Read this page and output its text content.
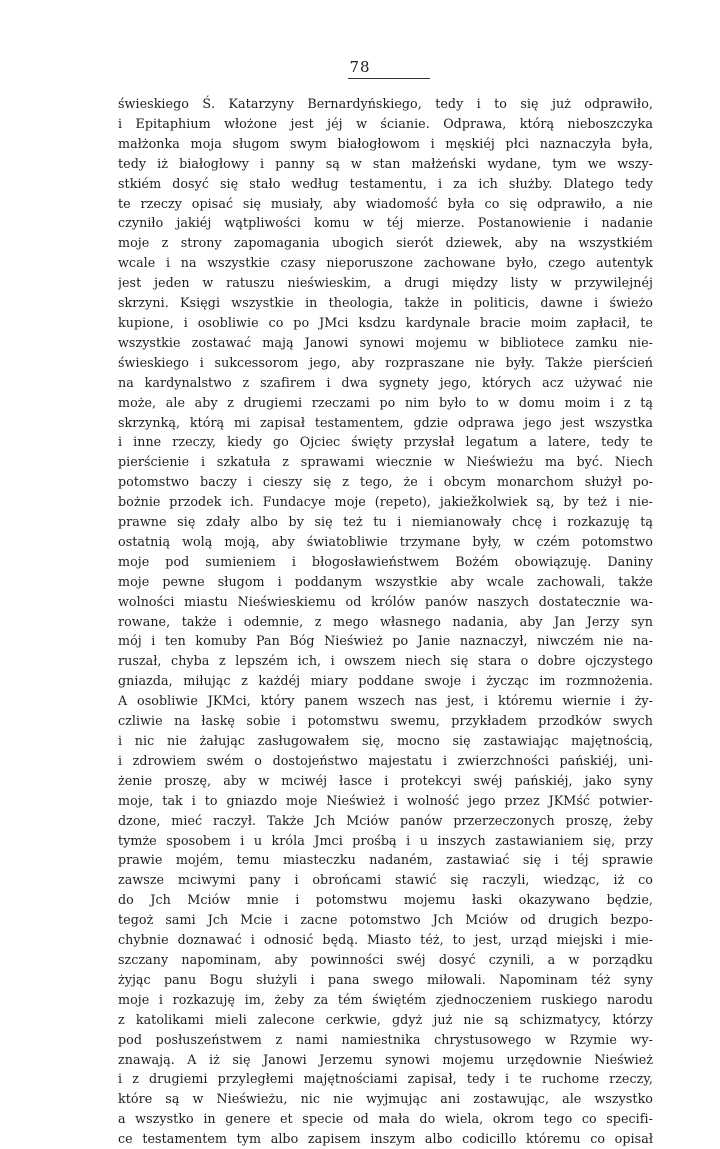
78
świeskiego Ś. Katarzyny Bernardyńskiego, tedy i to się już odprawiło,
i Epitaphium włożone jest jéj w ścianie. Odprawa, którą nieboszczyka
małżonka moja sługom swym białogłowom i męskiéj płci naznaczyła była,
tedy iż białogłowy i panny są w stan małżeński wydane, tym we wszy-
stkiém dosyć się stało według testamentu, i za ich służby. Dlatego tedy
te rzeczy opisać się musiały, aby wiadomość była co się odprawiło, a nie
czyniło jakiéj wątpliwości komu w téj mierze. Postanowienie i nadanie
moje z strony zapomagania ubogich sierót dziewek, aby na wszystkiém
wcale i na wszystkie czasy nieporuszone zachowane było, czego autentyk
jest jeden w ratuszu nieświeskim, a drugi między listy w przywilejnéj
skrzyni. Księgi wszystkie in theologia, także in politicis, dawne i świeżo
kupione, i osobliwie co po JMci ksdzu kardynale bracie moim zapłacił, te
wszystkie zostawać mają Janowi synowi mojemu w bibliotece zamku nie-
świeskiego i sukcessorom jego, aby rozpraszane nie były. Także pierścień
na kardynalstwo z szafirem i dwa sygnety jego, których acz używać nie
może, ale aby z drugiemi rzeczami po nim było to w domu moim i z tą
skrzynką, którą mi zapisał testamentem, gdzie odprawa jego jest wszystka
i inne rzeczy, kiedy go Ojciec święty przysłał legatum a latere, tedy te
pierścienie i szkatuła z sprawami wiecznie w Nieświeżu ma być. Niech
potomstwo baczy i cieszy się z tego, że i obcym monarchom służył po-
bożnie przodek ich. Fundacye moje (repeto), jakiežkolwiek są, by też i nie-
prawne się zdały albo by się też tu i niemianowały chcę i rozkazuję tą
ostatnią wolą moją, aby światobliwie trzymane były, w czém potomstwo
moje pod sumieniem i błogosławieństwem Bożém obowiązuję. Daniny
moje pewne sługom i poddanym wszystkie aby wcale zachowali, także
wolności miastu Nieświeskiemu od królów panów naszych dostatecznie wa-
rowane, także i odemnie, z mego własnego nadania, aby Jan Jerzy syn
mój i ten komuby Pan Bóg Nieśwież po Janie naznaczył, niwczém nie na-
ruszał, chyba z lepszém ich, i owszem niech się stara o dobre ojczystego
gniazda, miłując z każdéj miary poddane swoje i życząc im rozmnożenia.
A osobliwie JKMci, który panem wszech nas jest, i któremu wiernie i ży-
czliwie na łaskę sobie i potomstwu swemu, przykładem przodków swych
i nic nie żałując zasługowałem się, mocno się zastawiając majętnością,
i zdrowiem swém o dostojeństwo majestatu i zwierzchności pańskiéj, uni-
żenie proszę, aby w mciwéj łasce i protekcyi swéj pańskiéj, jako syny
moje, tak i to gniazdo moje Nieśwież i wolność jego przez JKMść potwier-
dzone, mieć raczył. Także Jch Mciów panów przerzeczonych proszę, żeby
tymże sposobem i u króla Jmci prośbą i u inszych zastawianiem się, przy
prawie mojém, temu miasteczku nadaném, zastawiać się i téj sprawie
zawsze mciwymi pany i obrońcami stawić się raczyli, wiedząc, iż co
do Jch Mciów mnie i potomstwu mojemu łaski okazywano będzie,
tegoż sami Jch Mcie i zacne potomstwo Jch Mciów od drugich bezpo-
chybnie doznawać i odnosić będą. Miasto téż, to jest, urząd miejski i mie-
szczany napominam, aby powinności swéj dosyć czynili, a w porządku
żyjąc panu Bogu służyli i pana swego miłowali. Napominam téż syny
moje i rozkazuję im, żeby za tém świętém zjednoczeniem ruskiego narodu
z katolikami mieli zalecone cerkwie, gdyż już nie są schizmatycy, którzy
pod posłuszeństwem z nami namiestnika chrystusowego w Rzymie wy-
znawają. A iż się Janowi Jerzemu synowi mojemu urzędownie Nieśwież
i z drugiemi przyległemi majętnościami zapisał, tedy i te ruchome rzeczy,
które są w Nieświeżu, nic nie wyjmując ani zostawując, ale wszystko
a wszystko in genere et specie od mała do wiela, okrom tego co specifi-
ce testamentem tym albo zapisem inszym albo codicillo któremu co opisał
